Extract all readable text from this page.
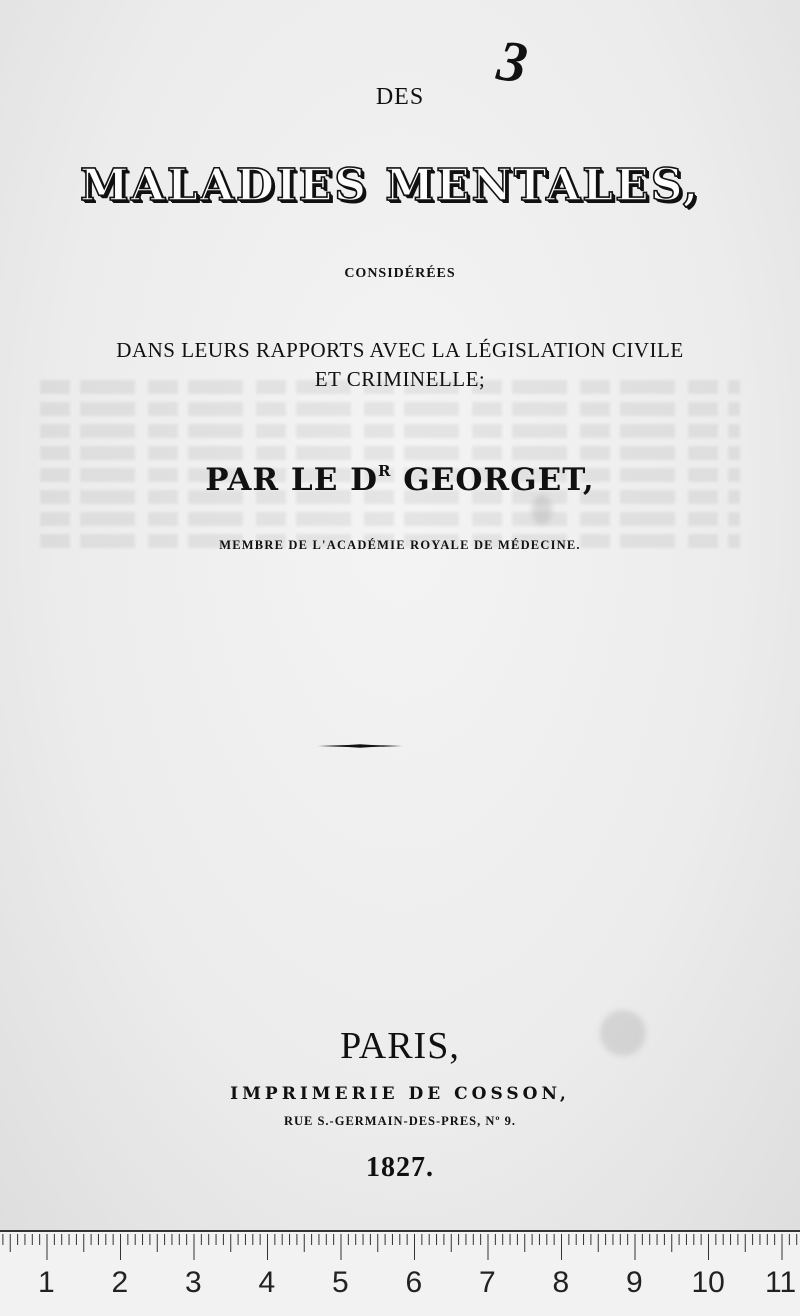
3
DES
MALADIES MENTALES,
CONSIDÉRÉES
DANS LEURS RAPPORTS AVEC LA LÉGISLATION CIVILE
ET CRIMINELLE;
PAR LE $D^R$ GEORGET,
MEMBRE DE L'ACADÉMIE ROYALE DE MÉDECINE.
PARIS,
IMPRIMERIE DE COSSON,
RUE S.-GERMAIN-DES-PRES, Nº 9.
1827.
1 2 3 4 5 6 7 8 9 10 11
